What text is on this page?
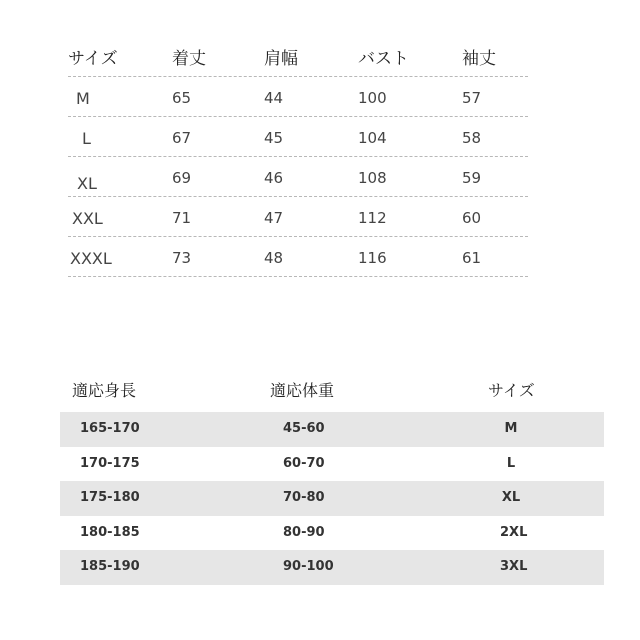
サイズ	着丈	肩幅	バスト	袖丈
M	65	44	100	57
L	67	45	104	58
XL	69	46	108	59
XXL	71	47	112	60
XXXL	73	48	116	61
適応身長	適応体重	サイズ
165-170	45-60	M
170-175	60-70	L
175-180	70-80	XL
180-185	80-90	2XL
185-190	90-100	3XL
